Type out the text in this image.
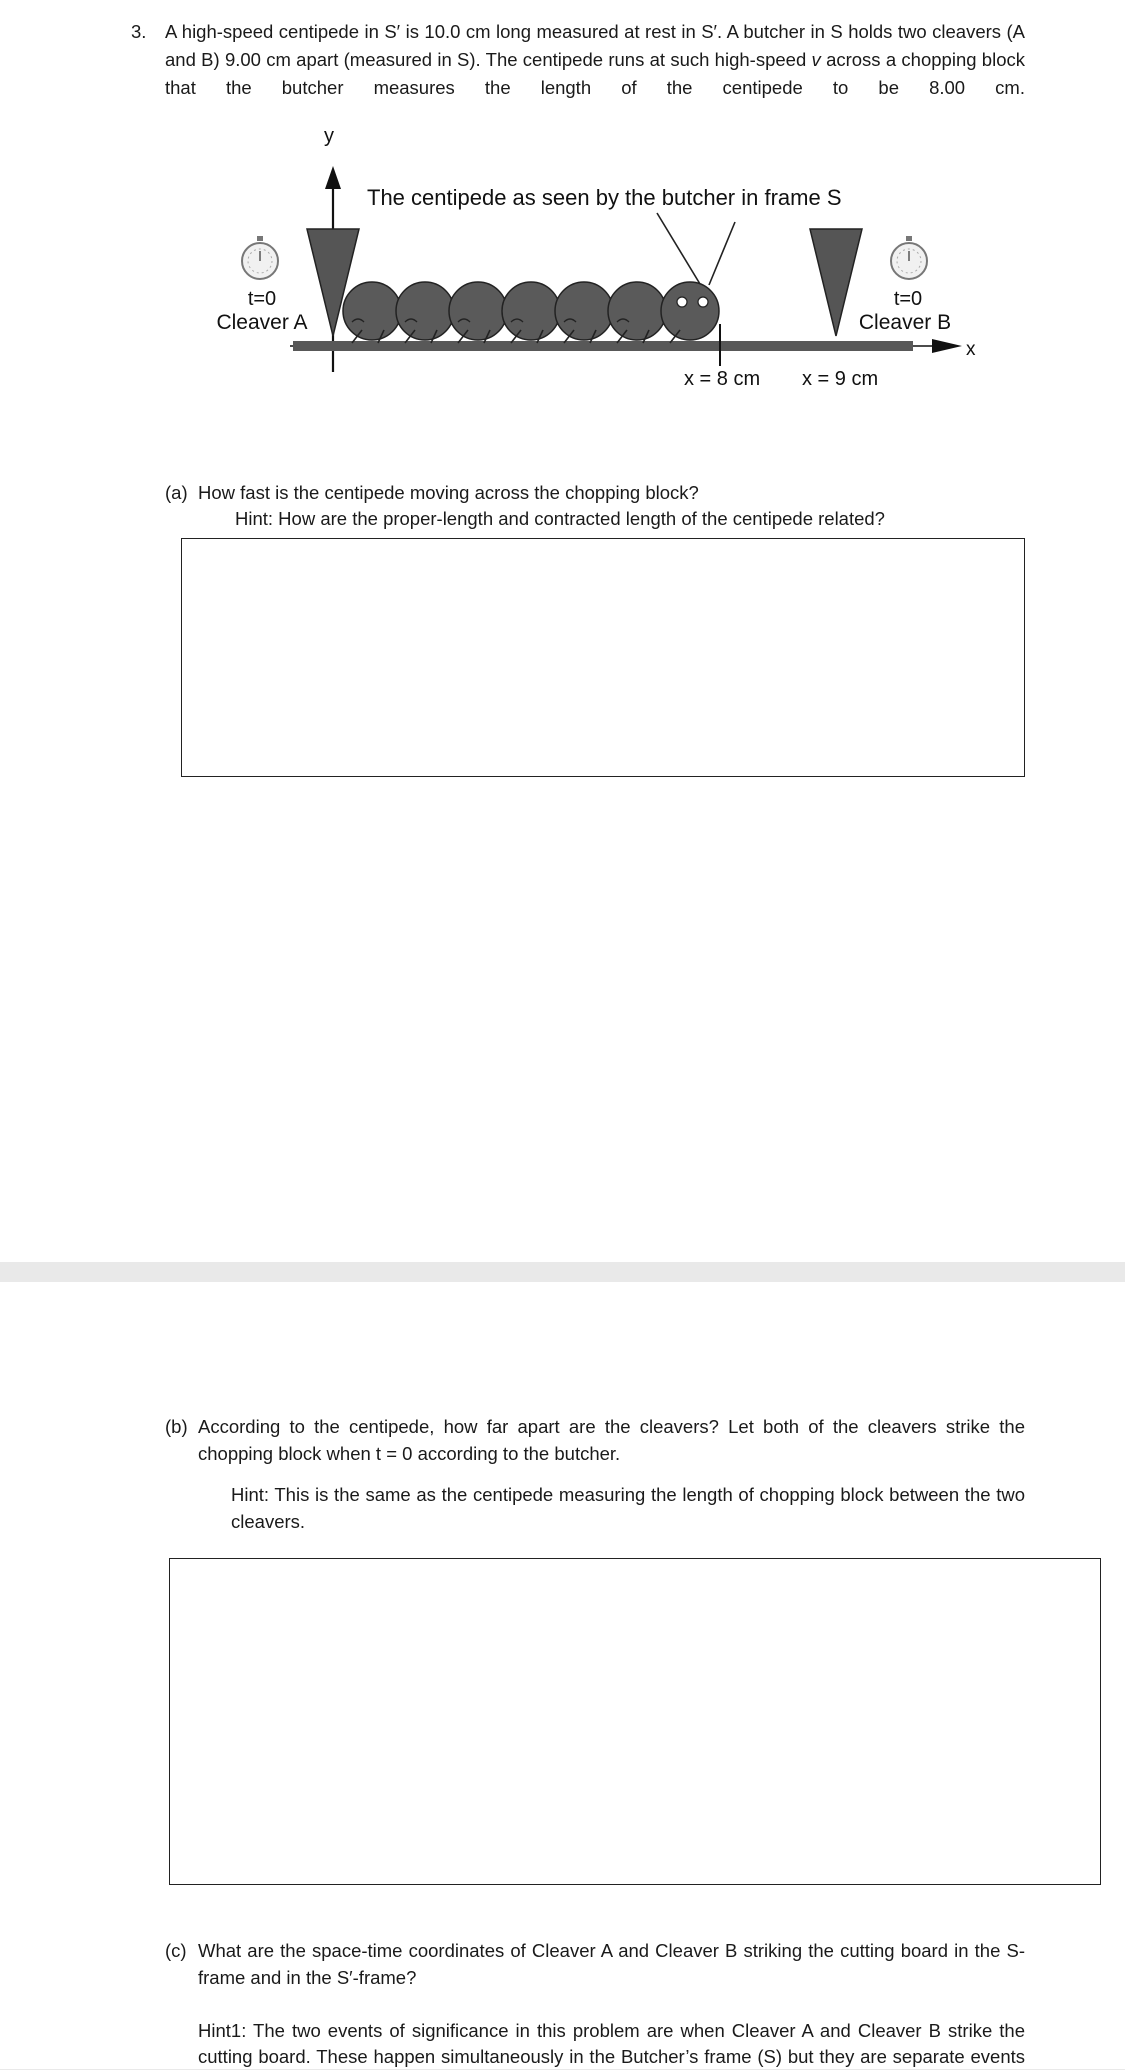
3. A high-speed centipede in S′ is 10.0 cm long measured at rest in S′. A butcher in S holds two cleavers (A
and B) 9.00 cm apart (measured in S). The centipede runs at such high-speed v across a chopping block
that the butcher measures the length of the centipede to be 8.00 cm.
y
The centipede as seen by the butcher in frame S
x
t=0
Cleaver A
t=0
Cleaver B
x = 8 cm x = 9 cm
(a) How fast is the centipede moving across the chopping block?
Hint: How are the proper-length and contracted length of the centipede related?
(b) According to the centipede, how far apart are the cleavers? Let both of the cleavers strike the
chopping block when t = 0 according to the butcher.
Hint: This is the same as the centipede measuring the length of chopping block between the two
cleavers.
(c) What are the space-time coordinates of Cleaver A and Cleaver B striking the cutting board in the S-
frame and in the S′-frame?
Hint1: The two events of significance in this problem are when Cleaver A and Cleaver B strike the
cutting board. These happen simultaneously in the Butcher’s frame (S) but they are separate events
